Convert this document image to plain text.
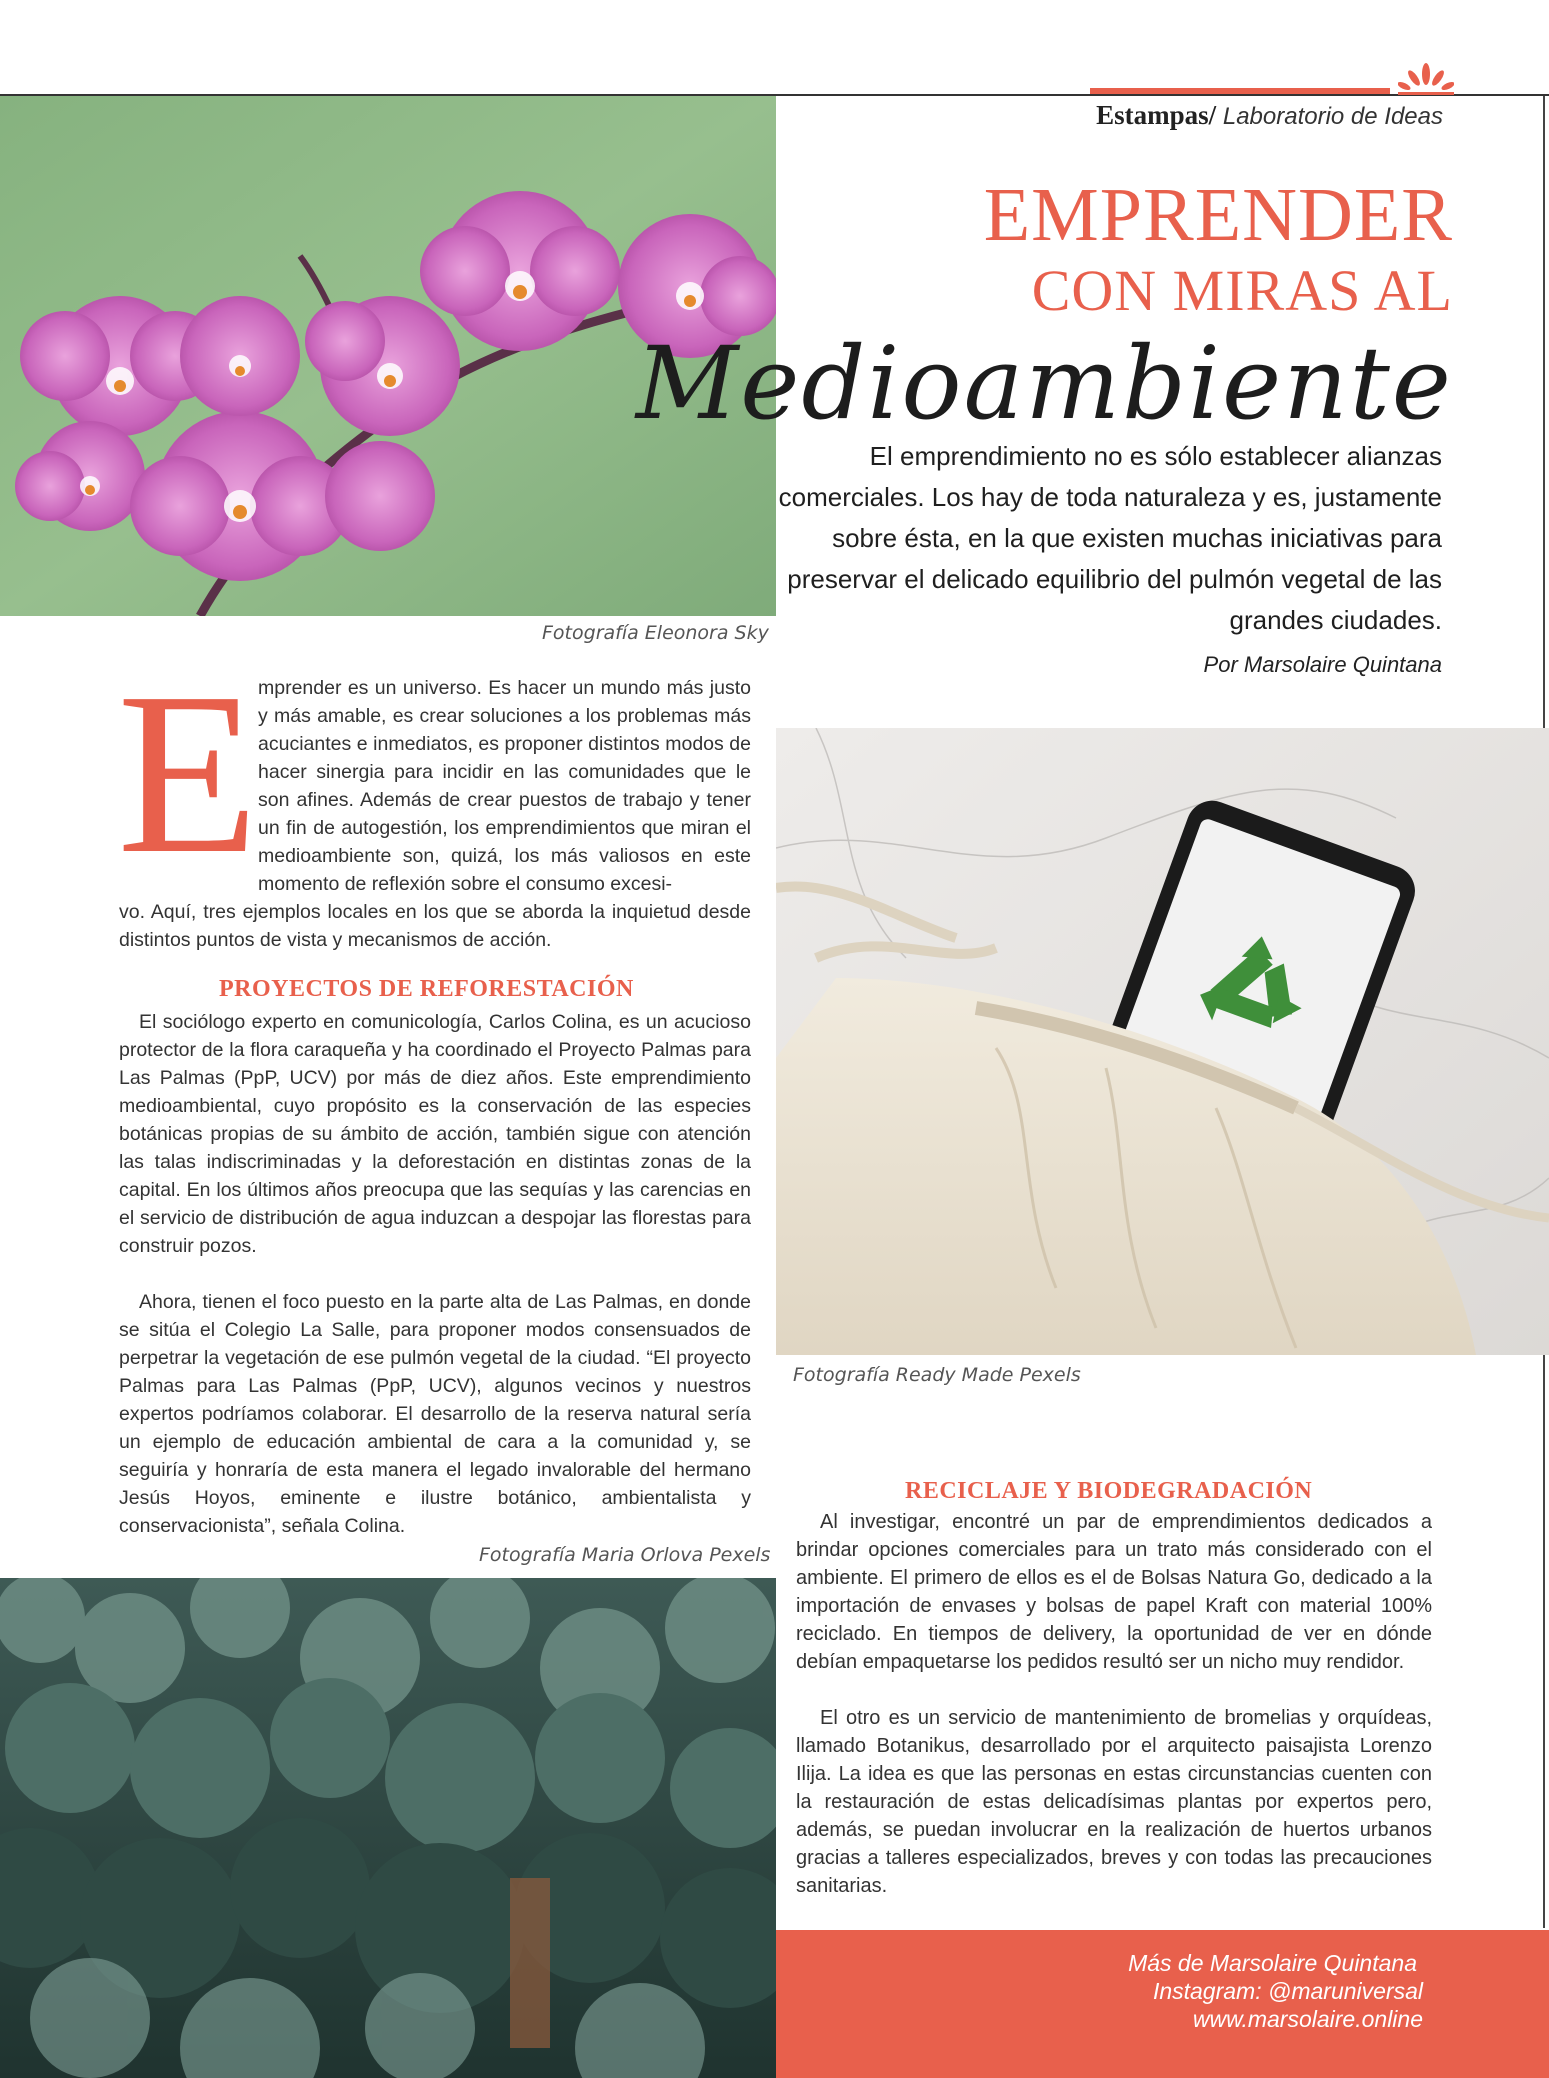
Estampas/ Laboratorio de Ideas
Fotografía Eleonora Sky
EMPRENDER
CON MIRAS AL
Medioambiente
El emprendimiento no es sólo establecer alianzas comerciales. Los hay de toda naturaleza y es, justamente sobre ésta, en la que existen muchas iniciativas para preservar el delicado equilibrio del pulmón vegetal de las grandes ciudades.
Por Marsolaire Quintana
E mprender es un universo. Es hacer un mundo más justo y más amable, es crear soluciones a los problemas más acuciantes e inmediatos, es proponer distintos modos de hacer sinergia para incidir en las comunidades que le son afines. Además de crear puestos de trabajo y tener un fin de autogestión, los emprendimientos que miran el medioambiente son, quizá, los más valiosos en este momento de reflexión sobre el consumo excesi-

vo. Aquí, tres ejemplos locales en los que se aborda la inquietud desde distintos puntos de vista y mecanismos de acción.

PROYECTOS DE REFORESTACIÓN

El sociólogo experto en comunicología, Carlos Colina, es un acucioso protector de la flora caraqueña y ha coordinado el Proyecto Palmas para Las Palmas (PpP, UCV) por más de diez años. Este emprendimiento medioambiental, cuyo propósito es la conservación de las especies botánicas propias de su ámbito de acción, también sigue con atención las talas indiscriminadas y la deforestación en distintas zonas de la capital. En los últimos años preocupa que las sequías y las carencias en el servicio de distribución de agua induzcan a despojar las florestas para construir pozos.

Ahora, tienen el foco puesto en la parte alta de Las Palmas, en donde se sitúa el Colegio La Salle, para proponer modos consensuados de perpetrar la vegetación de ese pulmón vegetal de la ciudad. “El proyecto Palmas para Las Palmas (PpP, UCV), algunos vecinos y nuestros expertos podríamos colaborar. El desarrollo de la reserva natural sería un ejemplo de educación ambiental de cara a la comunidad y, se seguiría y honraría de esta manera el legado invalorable del hermano Jesús Hoyos, eminente e ilustre botánico, ambientalista y conservacionista”, señala Colina.

Fotografía Maria Orlova Pexels
Fotografía Ready Made Pexels
RECICLAJE Y BIODEGRADACIÓN

Al investigar, encontré un par de emprendimientos dedicados a brindar opciones comerciales para un trato más considerado con el ambiente. El primero de ellos es el de Bolsas Natura Go, dedicado a la importación de envases y bolsas de papel Kraft con material 100% reciclado. En tiempos de delivery, la oportunidad de ver en dónde debían empaquetarse los pedidos resultó ser un nicho muy rendidor.

El otro es un servicio de mantenimiento de bromelias y orquídeas, llamado Botanikus, desarrollado por el arquitecto paisajista Lorenzo Ilija. La idea es que las personas en estas circunstancias cuenten con la restauración de estas delicadísimas plantas por expertos pero, además, se puedan involucrar en la realización de huertos urbanos gracias a talleres especializados, breves y con todas las precauciones sanitarias.

Más de Marsolaire Quintana
Instagram: @maruniversal
www.marsolaire.online
